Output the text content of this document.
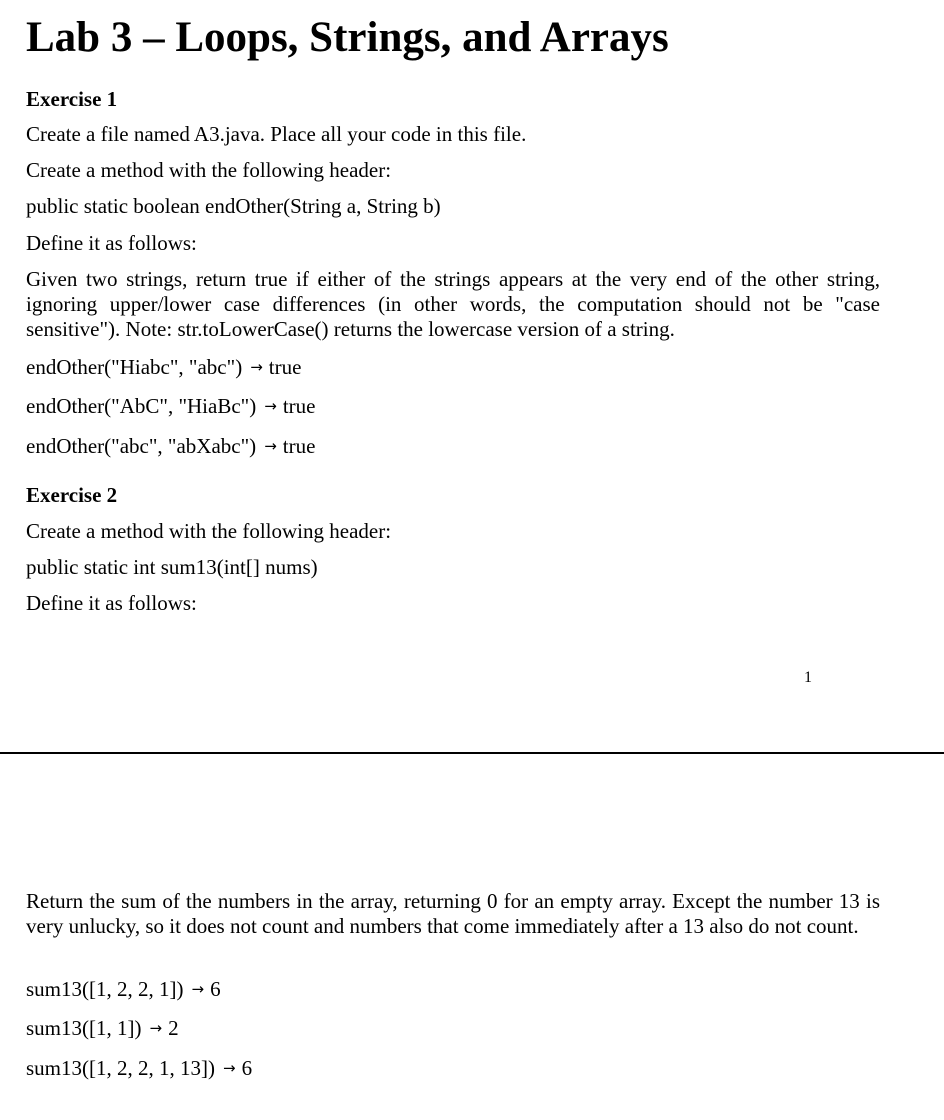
Lab 3 – Loops, Strings, and Arrays
Exercise 1
Create a file named A3.java. Place all your code in this file.
Create a method with the following header:
public static boolean endOther(String a, String b)
Define it as follows:
Given two strings, return true if either of the strings appears at the very end of the other string, ignoring upper/lower case differences (in other words, the computation should not be "case sensitive"). Note: str.toLowerCase() returns the lowercase version of a string.
endOther("Hiabc", "abc") → true
endOther("AbC", "HiaBc") → true
endOther("abc", "abXabc") → true
Exercise 2
Create a method with the following header:
public static int sum13(int[] nums)
Define it as follows:
1
Return the sum of the numbers in the array, returning 0 for an empty array. Except the number 13 is very unlucky, so it does not count and numbers that come immediately after a 13 also do not count.
sum13([1, 2, 2, 1]) → 6
sum13([1, 1]) → 2
sum13([1, 2, 2, 1, 13]) → 6
